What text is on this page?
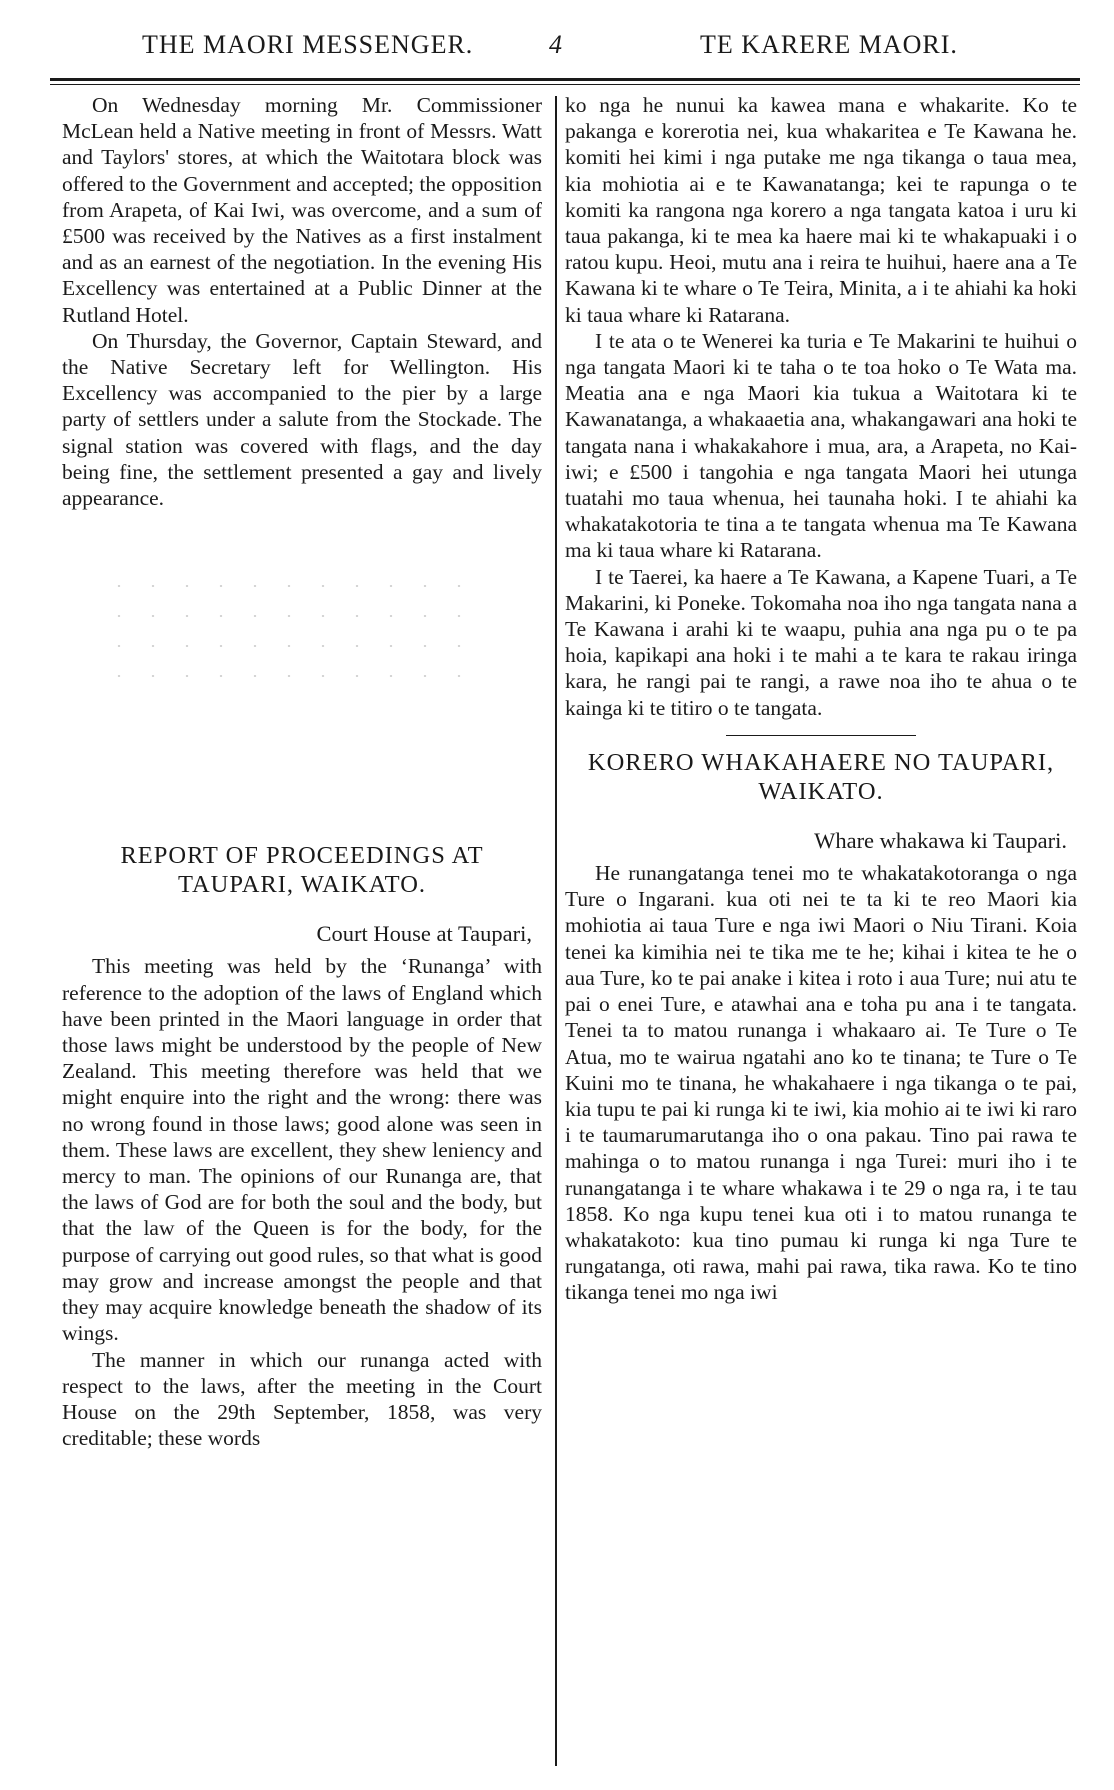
THE MAORI MESSENGER.	4	TE KARERE MAORI.

On Wednesday morning Mr. Commissioner McLean held a Native meeting in front of Messrs. Watt and Taylors' stores, at which the Waitotara block was offered to the Government and accepted; the opposition from Arapeta, of Kai Iwi, was overcome, and a sum of £500 was received by the Natives as a first instalment and as an earnest of the negotiation. In the evening His Excellency was entertained at a Public Dinner at the Rutland Hotel.

On Thursday, the Governor, Captain Steward, and the Native Secretary left for Wellington. His Excellency was accompanied to the pier by a large party of settlers under a salute from the Stockade. The signal station was covered with flags, and the day being fine, the settlement presented a gay and lively appearance.

REPORT OF PROCEEDINGS AT TAUPARI, WAIKATO.

Court House at Taupari,

This meeting was held by the ‘Runanga’ with reference to the adoption of the laws of England which have been printed in the Maori language in order that those laws might be understood by the people of New Zealand. This meeting therefore was held that we might enquire into the right and the wrong: there was no wrong found in those laws; good alone was seen in them. These laws are excellent, they shew leniency and mercy to man. The opinions of our Runanga are, that the laws of God are for both the soul and the body, but that the law of the Queen is for the body, for the purpose of carrying out good rules, so that what is good may grow and increase amongst the people and that they may acquire knowledge beneath the shadow of its wings.

The manner in which our runanga acted with respect to the laws, after the meeting in the Court House on the 29th September, 1858, was very creditable; these words

ko nga he nunui ka kawea mana e whakarite. Ko te pakanga e korerotia nei, kua whakaritea e Te Kawana he. komiti hei kimi i nga putake me nga tikanga o taua mea, kia mohiotia ai e te Kawanatanga; kei te rapunga o te komiti ka rangona nga korero a nga tangata katoa i uru ki taua pakanga, ki te mea ka haere mai ki te whakapuaki i o ratou kupu. Heoi, mutu ana i reira te huihui, haere ana a Te Kawana ki te whare o Te Teira, Minita, a i te ahiahi ka hoki ki taua whare ki Ratarana.

I te ata o te Wenerei ka turia e Te Makarini te huihui o nga tangata Maori ki te taha o te toa hoko o Te Wata ma. Meatia ana e nga Maori kia tukua a Waitotara ki te Kawanatanga, a whakaaetia ana, whakangawari ana hoki te tangata nana i whakakahore i mua, ara, a Arapeta, no Kai-iwi; e £500 i tangohia e nga tangata Maori hei utunga tuatahi mo taua whenua, hei taunaha hoki. I te ahiahi ka whakatakotoria te tina a te tangata whenua ma Te Kawana ma ki taua whare ki Ratarana.

I te Taerei, ka haere a Te Kawana, a Kapene Tuari, a Te Makarini, ki Poneke. Tokomaha noa iho nga tangata nana a Te Kawana i arahi ki te waapu, puhia ana nga pu o te pa hoia, kapikapi ana hoki i te mahi a te kara te rakau iringa kara, he rangi pai te rangi, a rawe noa iho te ahua o te kainga ki te titiro o te tangata.

KORERO WHAKAHAERE NO TAUPARI, WAIKATO.

Whare whakawa ki Taupari.

He runangatanga tenei mo te whakatakotoranga o nga Ture o Ingarani. kua oti nei te ta ki te reo Maori kia mohiotia ai taua Ture e nga iwi Maori o Niu Tirani. Koia tenei ka kimihia nei te tika me te he; kihai i kitea te he o aua Ture, ko te pai anake i kitea i roto i aua Ture; nui atu te pai o enei Ture, e atawhai ana e toha pu ana i te tangata. Tenei ta to matou runanga i whakaaro ai. Te Ture o Te Atua, mo te wairua ngatahi ano ko te tinana; te Ture o Te Kuini mo te tinana, he whakahaere i nga tikanga o te pai, kia tupu te pai ki runga ki te iwi, kia mohio ai te iwi ki raro i te taumarumarutanga iho o ona pakau. Tino pai rawa te mahinga o to matou runanga i nga Turei: muri iho i te runangatanga i te whare whakawa i te 29 o nga ra, i te tau 1858. Ko nga kupu tenei kua oti i to matou runanga te whakatakoto: kua tino pumau ki runga ki nga Ture te rungatanga, oti rawa, mahi pai rawa, tika rawa. Ko te tino tikanga tenei mo nga iwi
